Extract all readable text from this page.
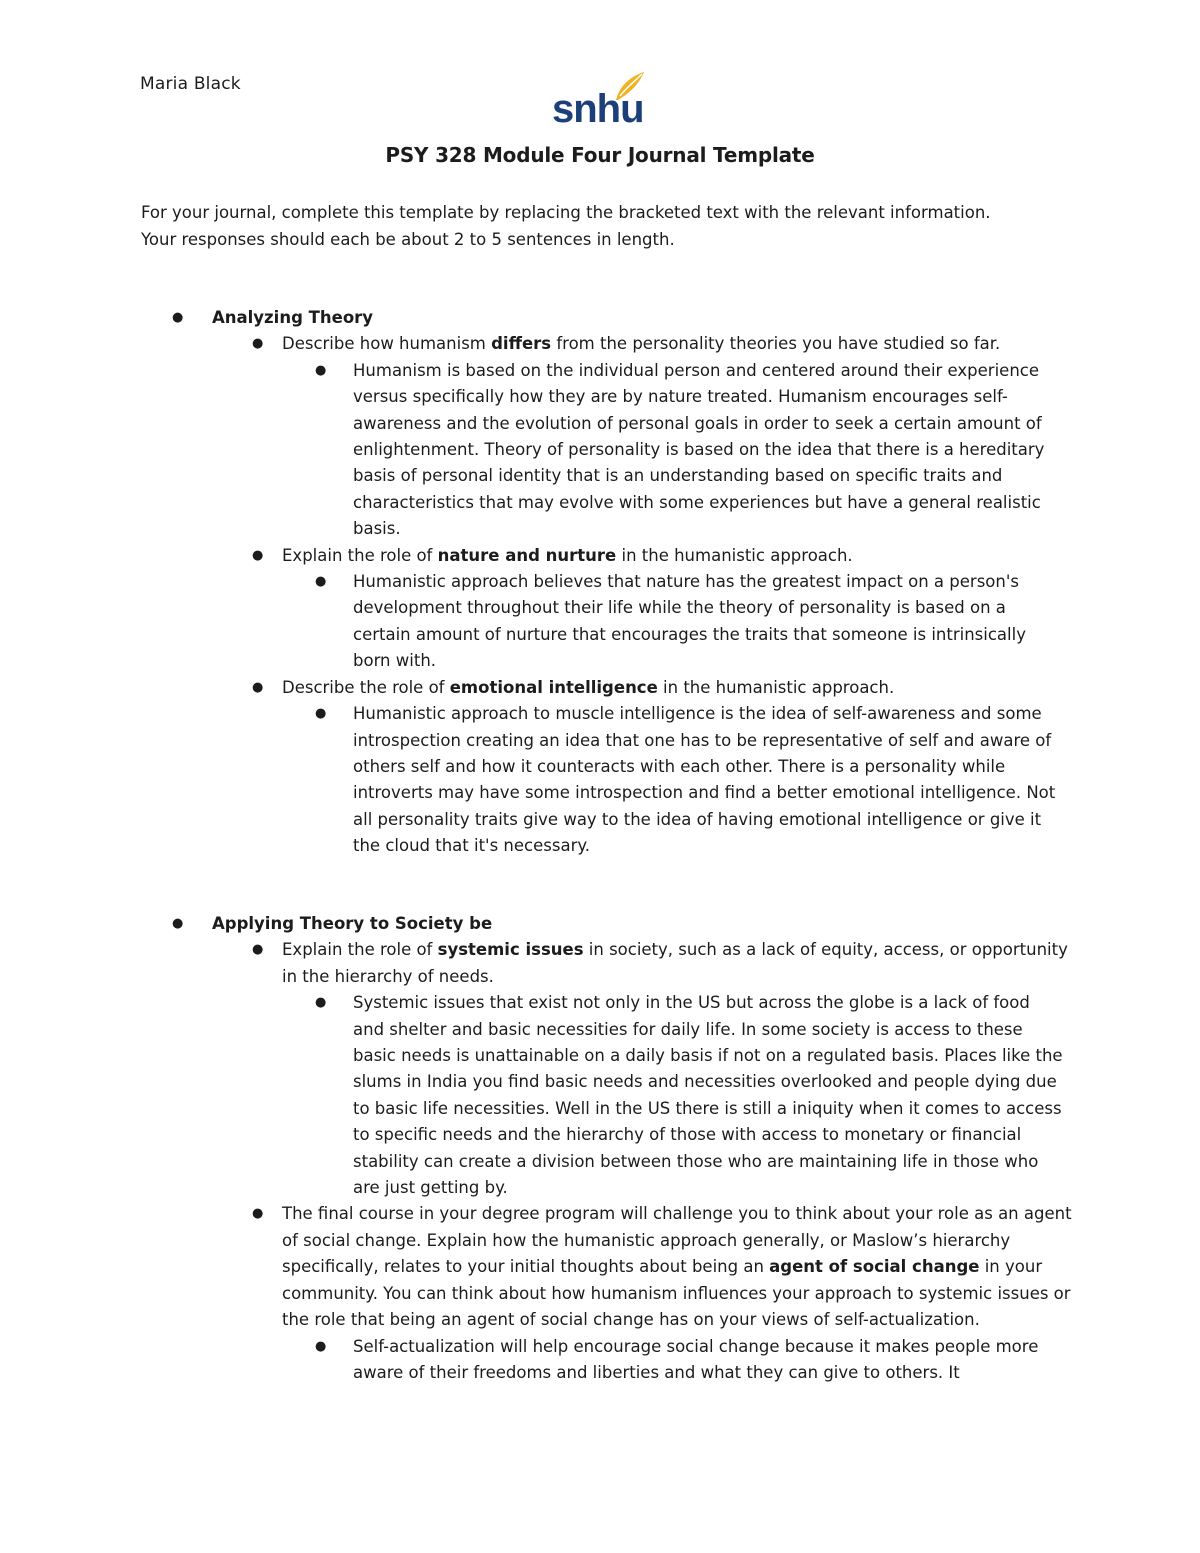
Maria Black
snhu
PSY 328 Module Four Journal Template

For your journal, complete this template by replacing the bracketed text with the relevant information.

Your responses should each be about 2 to 5 sentences in length.

● Analyzing Theory
● Describe how humanism differs from the personality theories you have studied so far.
● Humanism is based on the individual person and centered around their experience versus specifically how they are by nature treated. Humanism encourages self-awareness and the evolution of personal goals in order to seek a certain amount of enlightenment. Theory of personality is based on the idea that there is a hereditary basis of personal identity that is an understanding based on specific traits and characteristics that may evolve with some experiences but have a general realistic basis.
● Explain the role of nature and nurture in the humanistic approach.
● Humanistic approach believes that nature has the greatest impact on a person's development throughout their life while the theory of personality is based on a certain amount of nurture that encourages the traits that someone is intrinsically born with.
● Describe the role of emotional intelligence in the humanistic approach.
● Humanistic approach to muscle intelligence is the idea of self-awareness and some introspection creating an idea that one has to be representative of self and aware of others self and how it counteracts with each other. There is a personality while introverts may have some introspection and find a better emotional intelligence. Not all personality traits give way to the idea of having emotional intelligence or give it the cloud that it's necessary.
● Applying Theory to Society be
● Explain the role of systemic issues in society, such as a lack of equity, access, or opportunity in the hierarchy of needs.
● Systemic issues that exist not only in the US but across the globe is a lack of food and shelter and basic necessities for daily life. In some society is access to these basic needs is unattainable on a daily basis if not on a regulated basis. Places like the slums in India you find basic needs and necessities overlooked and people dying due to basic life necessities. Well in the US there is still a iniquity when it comes to access to specific needs and the hierarchy of those with access to monetary or financial stability can create a division between those who are maintaining life in those who are just getting by.
● The final course in your degree program will challenge you to think about your role as an agent of social change. Explain how the humanistic approach generally, or Maslow’s hierarchy specifically, relates to your initial thoughts about being an agent of social change in your community. You can think about how humanism influences your approach to systemic issues or the role that being an agent of social change has on your views of self-actualization.
● Self-actualization will help encourage social change because it makes people more aware of their freedoms and liberties and what they can give to others. It
